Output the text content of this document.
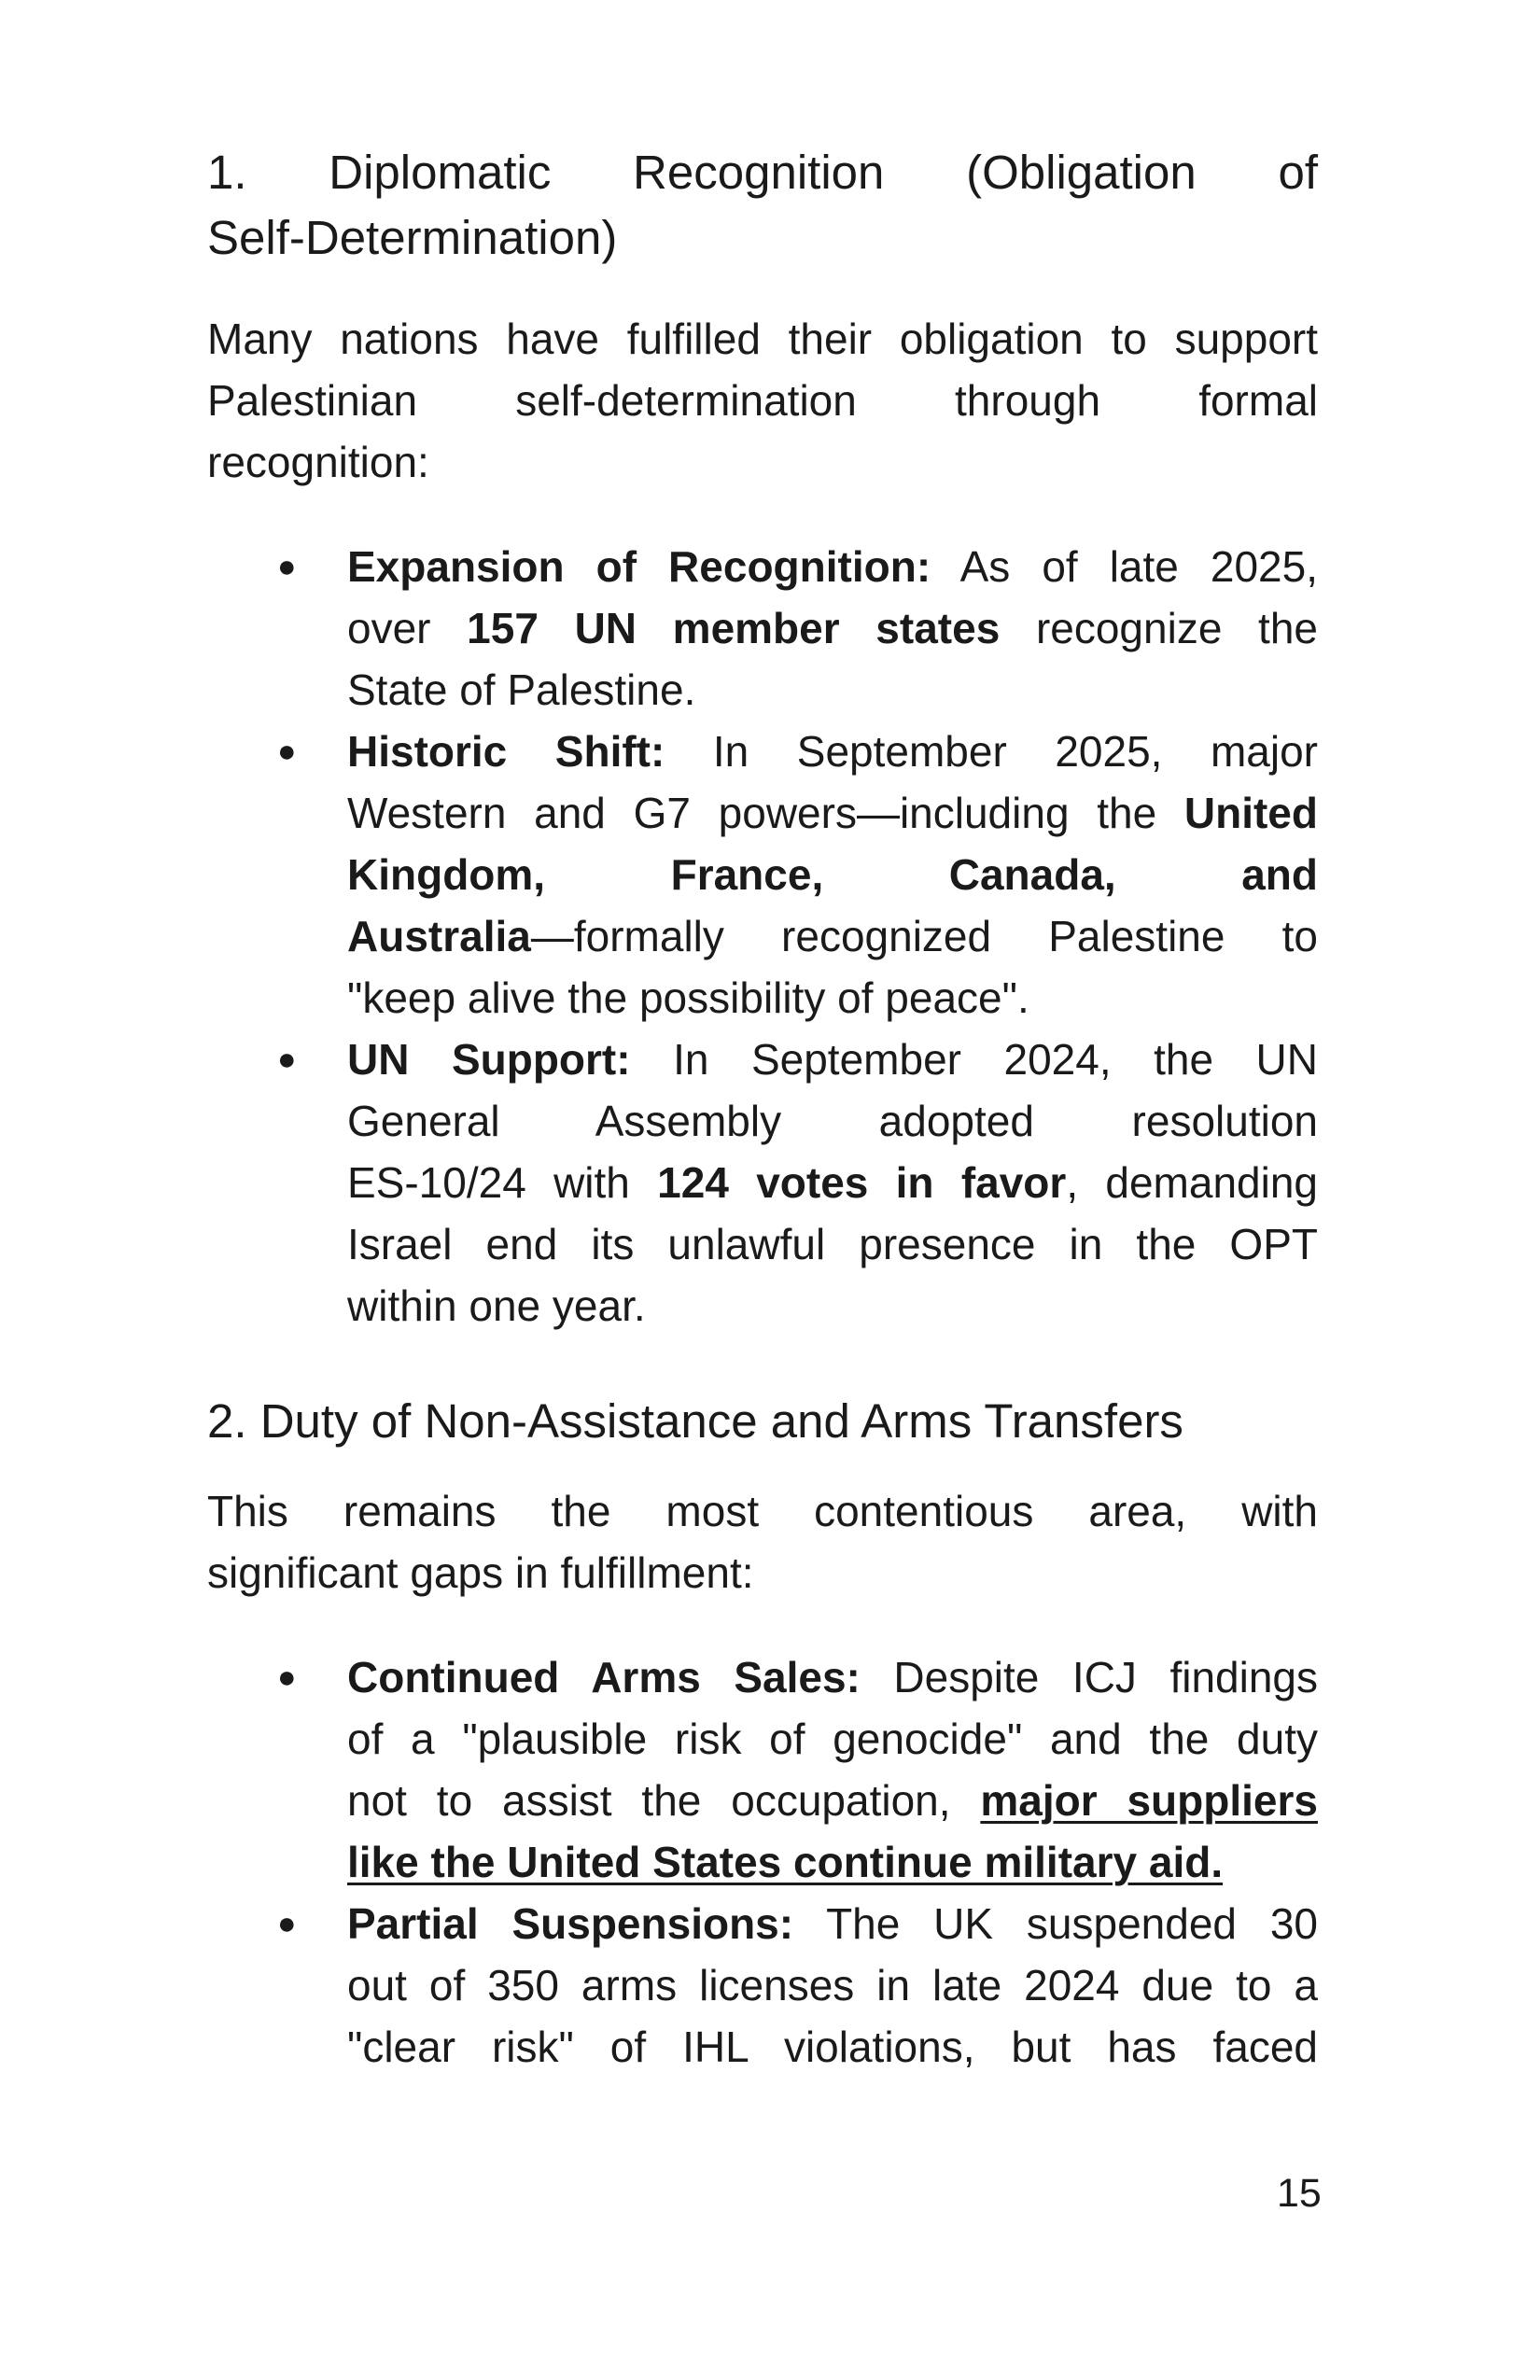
1. Diplomatic Recognition (Obligation of
Self-Determination)

Many nations have fulfilled their obligation to support
Palestinian self-determination through formal
recognition:

● Expansion of Recognition: As of late 2025,
over 157 UN member states recognize the
State of Palestine.
● Historic Shift: In September 2025, major
Western and G7 powers—including the United
Kingdom, France, Canada, and
Australia—formally recognized Palestine to
"keep alive the possibility of peace".
● UN Support: In September 2024, the UN
General Assembly adopted resolution
ES-10/24 with 124 votes in favor, demanding
Israel end its unlawful presence in the OPT
within one year.
2. Duty of Non-Assistance and Arms Transfers

This remains the most contentious area, with
significant gaps in fulfillment:

● Continued Arms Sales: Despite ICJ findings
of a "plausible risk of genocide" and the duty
not to assist the occupation, major suppliers
like the United States continue military aid.
● Partial Suspensions: The UK suspended 30
out of 350 arms licenses in late 2024 due to a
"clear risk" of IHL violations, but has faced
15
